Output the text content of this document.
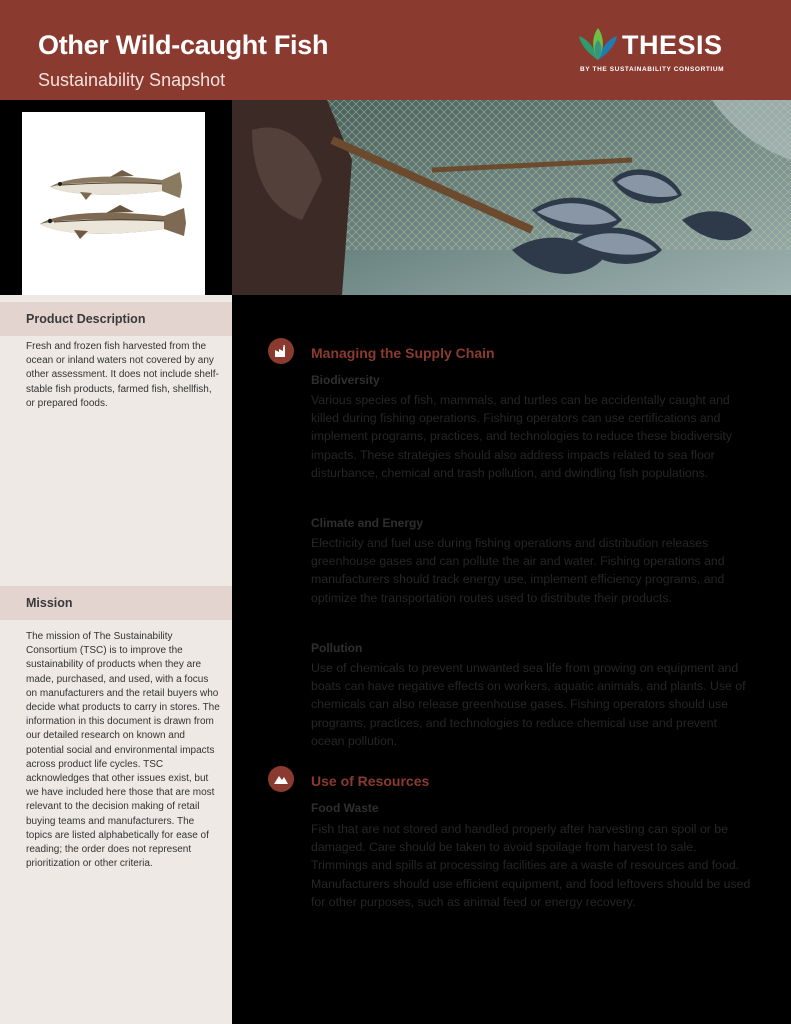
Other Wild-caught Fish
Sustainability Snapshot
THESIS
BY THE SUSTAINABILITY CONSORTIUM
Product Description
Fresh and frozen fish harvested from the ocean or inland waters not covered by any other assessment. It does not include shelf-stable fish products, farmed fish, shellfish, or prepared foods.
Mission
The mission of The Sustainability Consortium (TSC) is to improve the sustainability of products when they are made, purchased, and used, with a focus on manufacturers and the retail buyers who decide what products to carry in stores. The information in this document is drawn from our detailed research on known and potential social and environmental impacts across product life cycles. TSC acknowledges that other issues exist, but we have included here those that are most relevant to the decision making of retail buying teams and manufacturers. The topics are listed alphabetically for ease of reading; the order does not represent prioritization or other criteria.
Managing the Supply Chain
Biodiversity
Various species of fish, mammals, and turtles can be accidentally caught and killed during fishing operations. Fishing operators can use certifications and implement programs, practices, and technologies to reduce these biodiversity impacts. These strategies should also address impacts related to sea floor disturbance, chemical and trash pollution, and dwindling fish populations.
Climate and Energy
Electricity and fuel use during fishing operations and distribution releases greenhouse gases and can pollute the air and water. Fishing operations and manufacturers should track energy use, implement efficiency programs, and optimize the transportation routes used to distribute their products.
Pollution
Use of chemicals to prevent unwanted sea life from growing on equipment and boats can have negative effects on workers, aquatic animals, and plants. Use of chemicals can also release greenhouse gases. Fishing operators should use programs, practices, and technologies to reduce chemical use and prevent ocean pollution.
Use of Resources
Food Waste
Fish that are not stored and handled properly after harvesting can spoil or be damaged. Care should be taken to avoid spoilage from harvest to sale. Trimmings and spills at processing facilities are a waste of resources and food. Manufacturers should use efficient equipment, and food leftovers should be used for other purposes, such as animal feed or energy recovery.
